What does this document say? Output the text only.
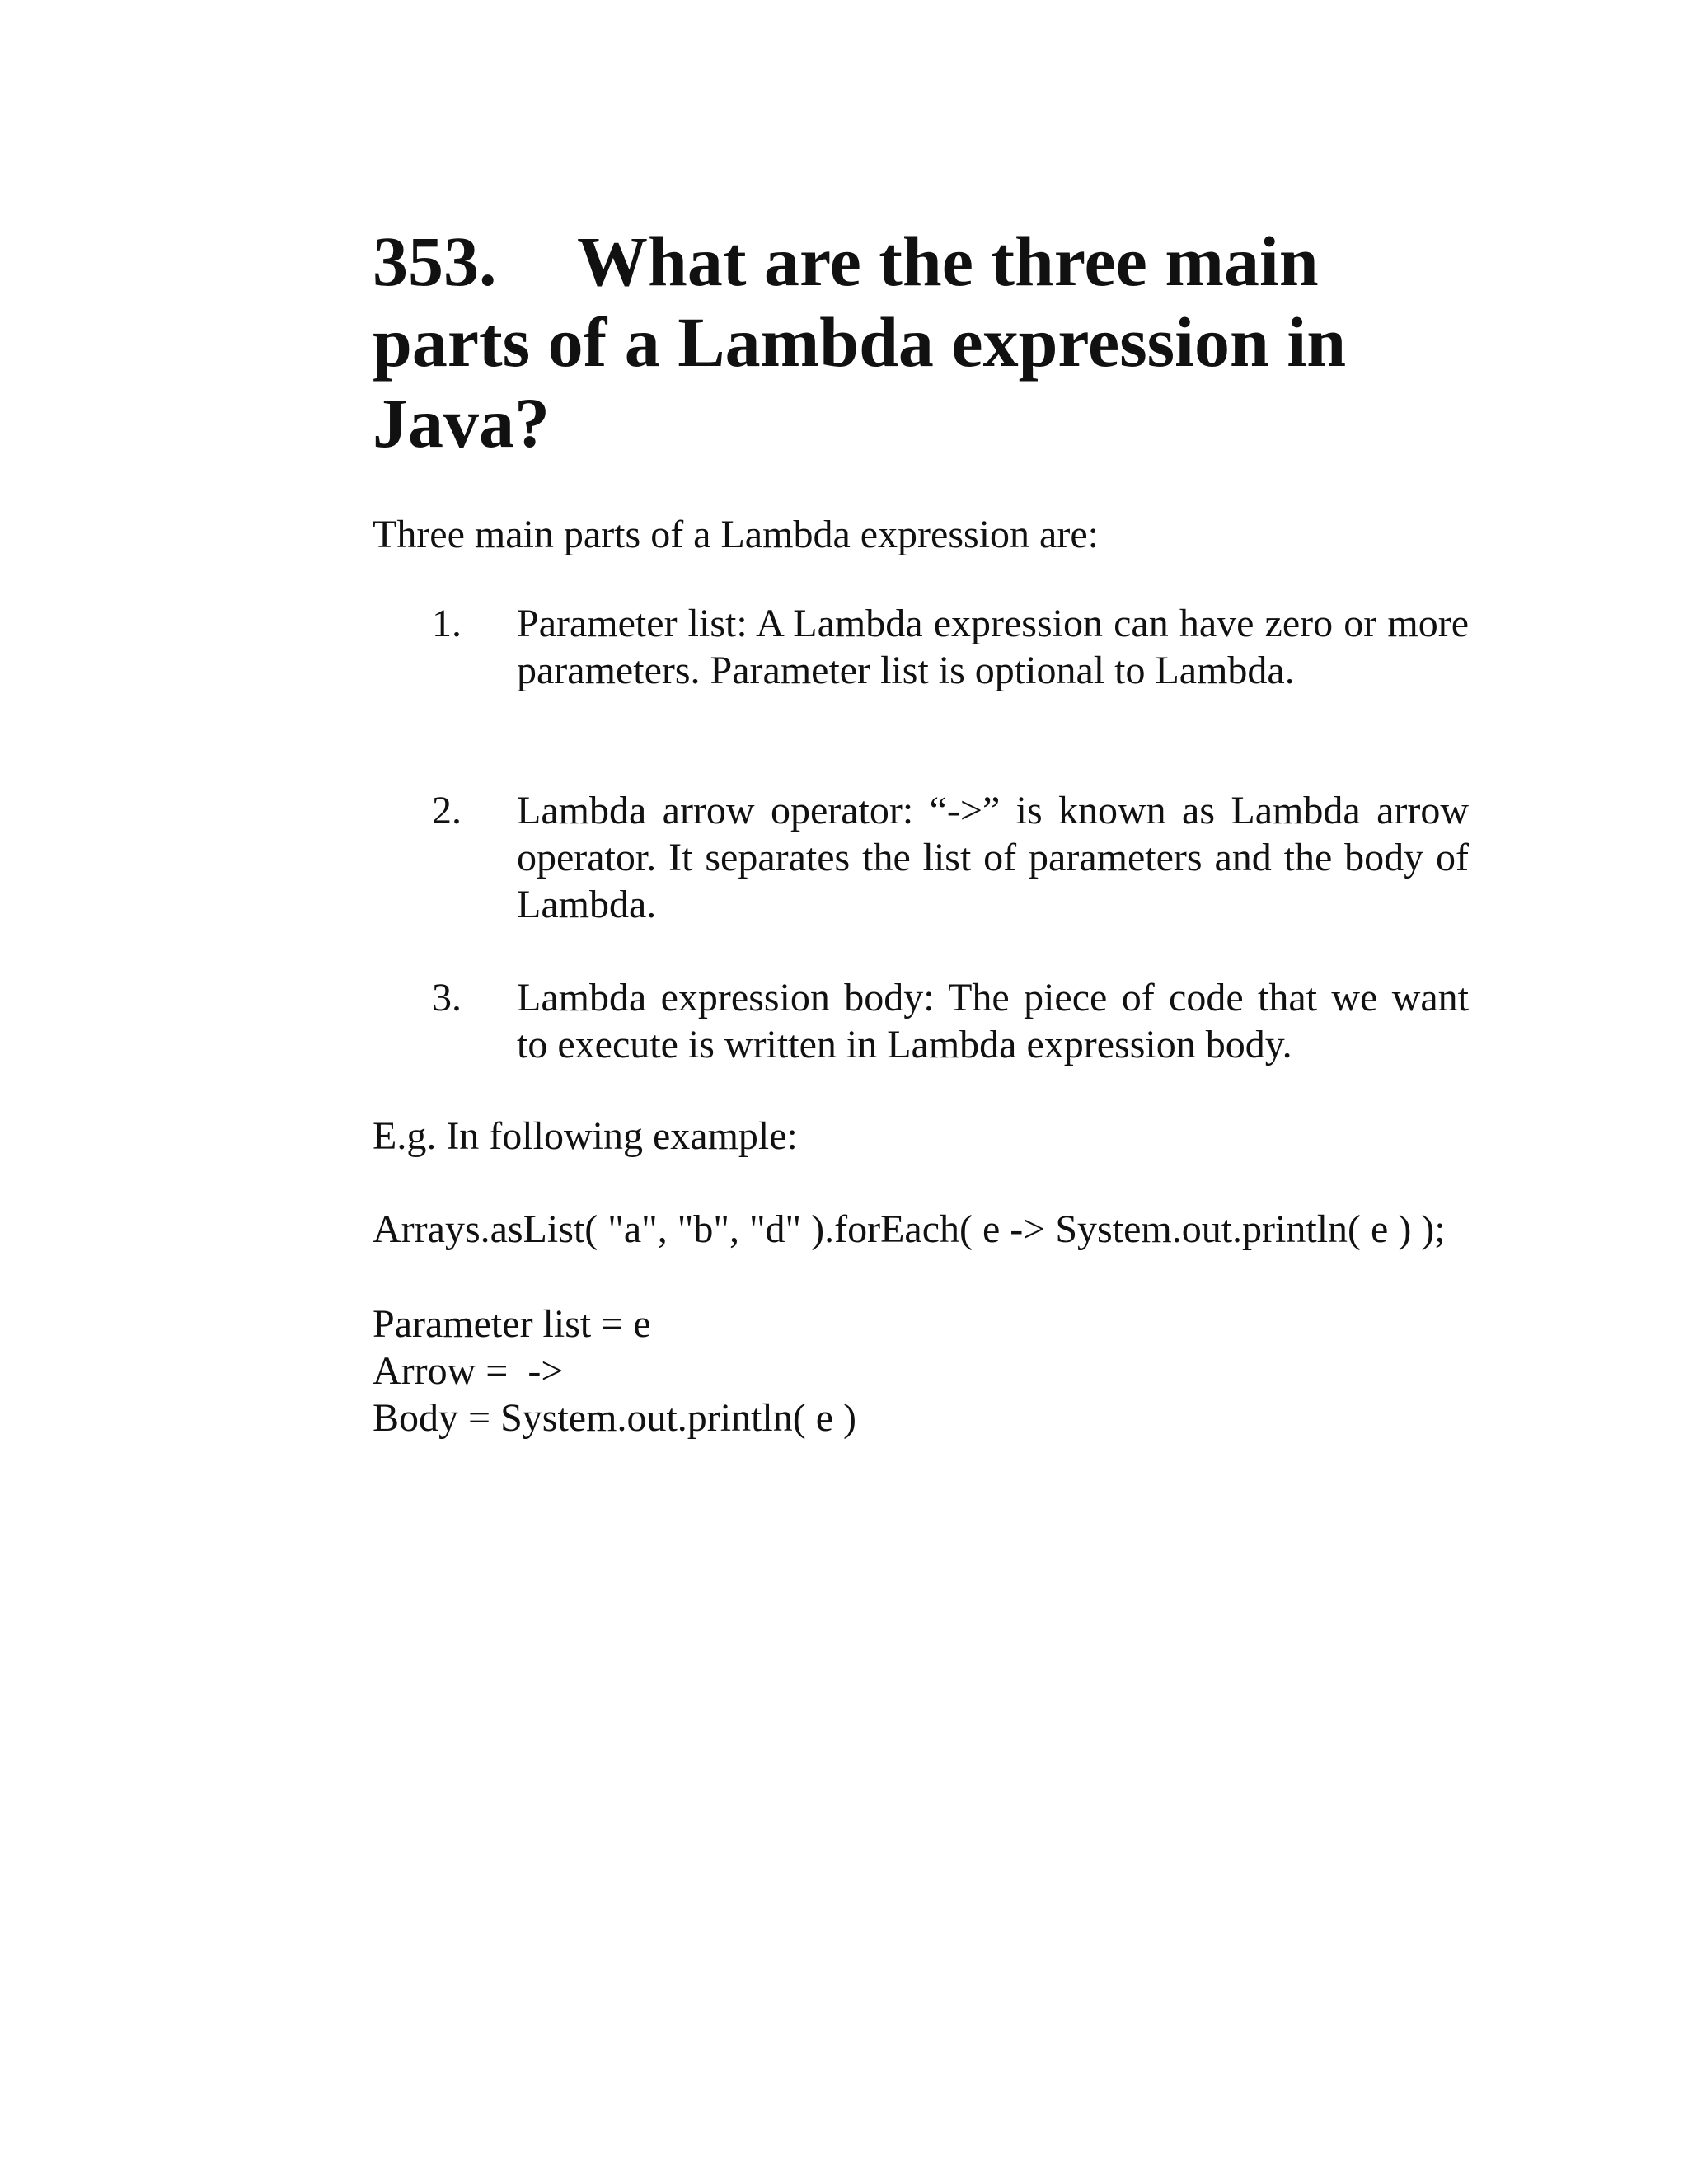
353. What are the three main parts of a Lambda expression in Java?
Three main parts of a Lambda expression are:
1. Parameter list: A Lambda expression can have zero or more parameters. Parameter list is optional to Lambda.
2. Lambda arrow operator: “->” is known as Lambda arrow operator. It separates the list of parameters and the body of Lambda.
3. Lambda expression body: The piece of code that we want to execute is written in Lambda expression body.
E.g. In following example:
Arrays.asList( "a", "b", "d" ).forEach( e -> System.out.println( e ) );
Parameter list = e
Arrow =  ->
Body = System.out.println( e )
